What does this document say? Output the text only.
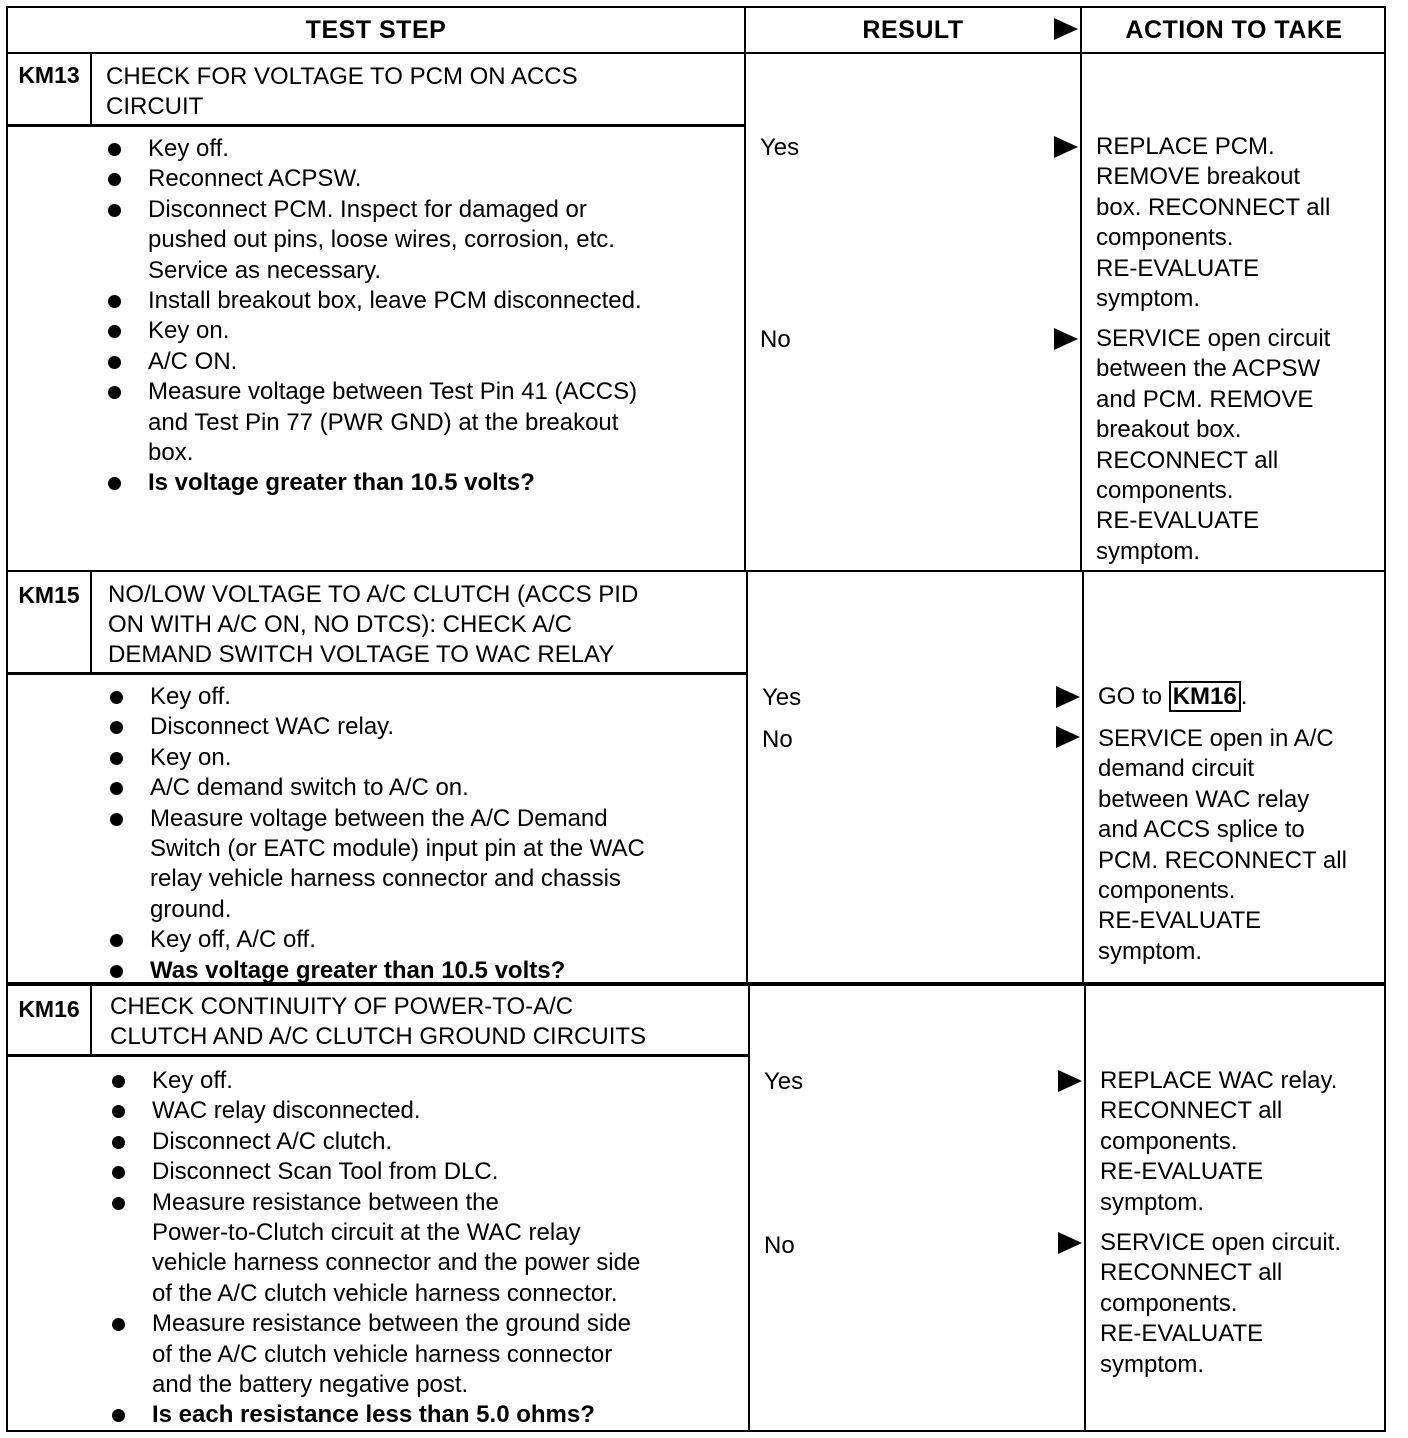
TEST STEP	RESULT	ACTION TO TAKE
KM13	CHECK FOR VOLTAGE TO PCM ON ACCS
CIRCUIT
Key off.
Reconnect ACPSW.
Disconnect PCM. Inspect for damaged or
pushed out pins, loose wires, corrosion, etc.
Service as necessary.
Install breakout box, leave PCM disconnected.
Key on.
A/C ON.
Measure voltage between Test Pin 41 (ACCS)
and Test Pin 77 (PWR GND) at the breakout
box.
Is voltage greater than 10.5 volts?
Yes	REPLACE PCM.
REMOVE breakout
box. RECONNECT all
components.
RE-EVALUATE
symptom.
No	SERVICE open circuit
between the ACPSW
and PCM. REMOVE
breakout box.
RECONNECT all
components.
RE-EVALUATE
symptom.
KM15	NO/LOW VOLTAGE TO A/C CLUTCH (ACCS PID
ON WITH A/C ON, NO DTCS): CHECK A/C
DEMAND SWITCH VOLTAGE TO WAC RELAY
Key off.
Disconnect WAC relay.
Key on.
A/C demand switch to A/C on.
Measure voltage between the A/C Demand
Switch (or EATC module) input pin at the WAC
relay vehicle harness connector and chassis
ground.
Key off, A/C off.
Was voltage greater than 10.5 volts?
Yes	GO to KM16 .
No	SERVICE open in A/C
demand circuit
between WAC relay
and ACCS splice to
PCM. RECONNECT all
components.
RE-EVALUATE
symptom.
KM16	CHECK CONTINUITY OF POWER-TO-A/C
CLUTCH AND A/C CLUTCH GROUND CIRCUITS
Key off.
WAC relay disconnected.
Disconnect A/C clutch.
Disconnect Scan Tool from DLC.
Measure resistance between the
Power-to-Clutch circuit at the WAC relay
vehicle harness connector and the power side
of the A/C clutch vehicle harness connector.
Measure resistance between the ground side
of the A/C clutch vehicle harness connector
and the battery negative post.
Is each resistance less than 5.0 ohms?
Yes	REPLACE WAC relay.
RECONNECT all
components.
RE-EVALUATE
symptom.
No	SERVICE open circuit.
RECONNECT all
components.
RE-EVALUATE
symptom.
